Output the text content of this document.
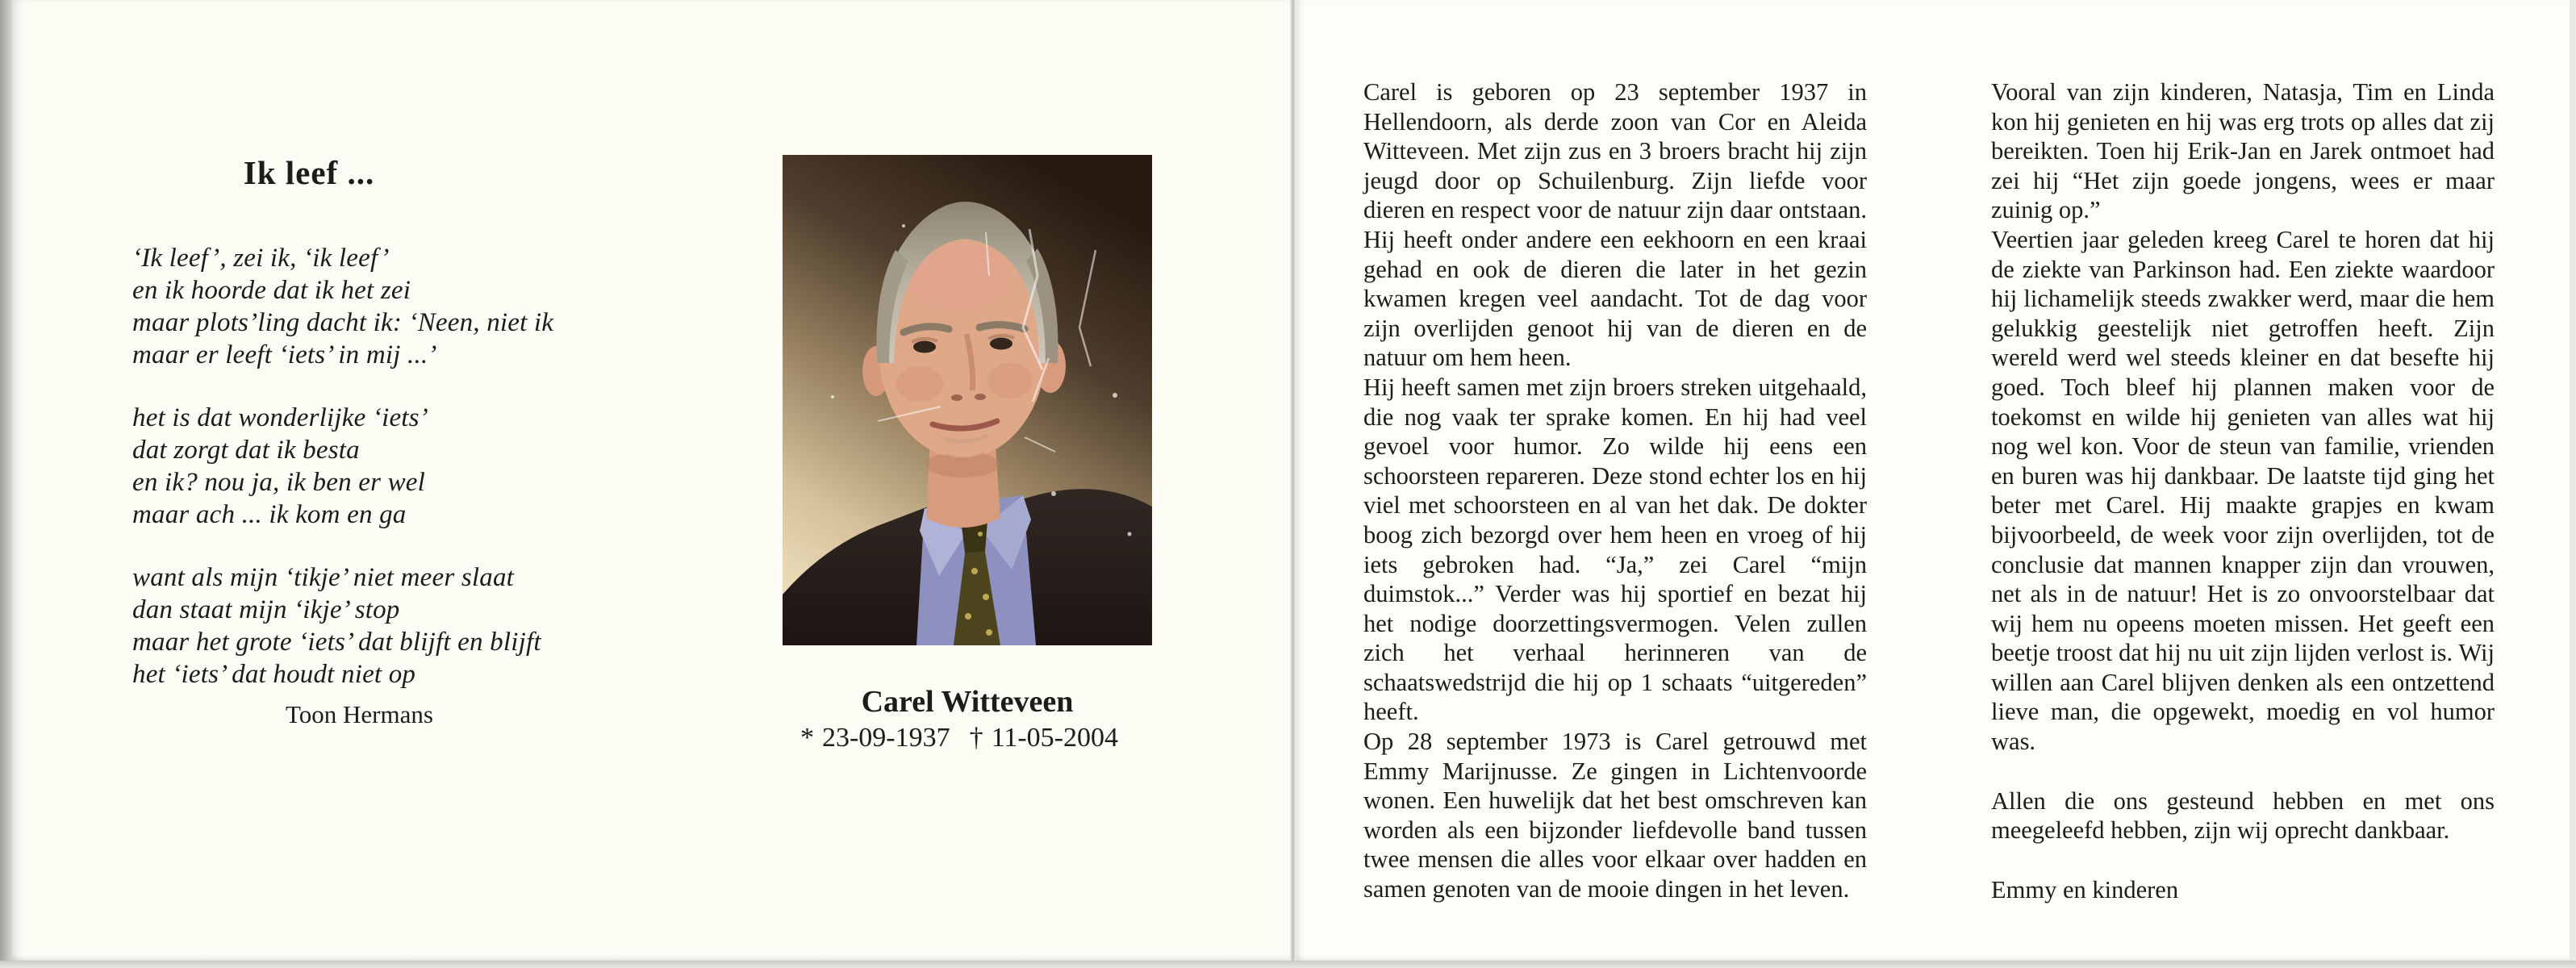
Ik leef ...
‘Ik leef’, zei ik, ‘ik leef’
en ik hoorde dat ik het zei
maar plots’ling dacht ik: ‘Neen, niet ik
maar er leeft ‘iets’ in mij ...’
het is dat wonderlijke ‘iets’
dat zorgt dat ik besta
en ik? nou ja, ik ben er wel
maar ach ... ik kom en ga
want als mijn ‘tikje’ niet meer slaat
dan staat mijn ‘ikje’ stop
maar het grote ‘iets’ dat blijft en blijft
het ‘iets’ dat houdt niet op
Toon Hermans	Carel Witteveen
* 23-09-1937 † 11-05-2004

Carel is geboren op 23 september 1937 in Hellendoorn, als derde zoon van Cor en Aleida Witteveen. Met zijn zus en 3 broers bracht hij zijn jeugd door op Schuilenburg. Zijn liefde voor dieren en respect voor de natuur zijn daar ontstaan. Hij heeft onder andere een eekhoorn en een kraai gehad en ook de dieren die later in het gezin kwamen kregen veel aandacht. Tot de dag voor zijn overlijden genoot hij van de dieren en de natuur om hem heen.

Hij heeft samen met zijn broers streken uitgehaald, die nog vaak ter sprake komen. En hij had veel gevoel voor humor. Zo wilde hij eens een schoorsteen repareren. Deze stond echter los en hij viel met schoorsteen en al van het dak. De dokter boog zich bezorgd over hem heen en vroeg of hij iets gebroken had. “Ja,” zei Carel “mijn duimstok...” Verder was hij sportief en bezat hij het nodige doorzettingsvermogen. Velen zullen zich het verhaal herinneren van de schaatswedstrijd die hij op 1 schaats “uitgereden” heeft.

Op 28 september 1973 is Carel getrouwd met Emmy Marijnusse. Ze gingen in Lichtenvoorde wonen. Een huwelijk dat het best omschreven kan worden als een bijzonder liefdevolle band tussen twee mensen die alles voor elkaar over hadden en samen genoten van de mooie dingen in het leven.

Vooral van zijn kinderen, Natasja, Tim en Linda kon hij genieten en hij was erg trots op alles dat zij bereikten. Toen hij Erik-Jan en Jarek ontmoet had zei hij “Het zijn goede jongens, wees er maar zuinig op.”

Veertien jaar geleden kreeg Carel te horen dat hij de ziekte van Parkinson had. Een ziekte waardoor hij lichamelijk steeds zwakker werd, maar die hem gelukkig geestelijk niet getroffen heeft. Zijn wereld werd wel steeds kleiner en dat besefte hij goed. Toch bleef hij plannen maken voor de toekomst en wilde hij genieten van alles wat hij nog wel kon. Voor de steun van familie, vrienden en buren was hij dankbaar. De laatste tijd ging het beter met Carel. Hij maakte grapjes en kwam bijvoorbeeld, de week voor zijn overlijden, tot de conclusie dat mannen knapper zijn dan vrouwen, net als in de natuur! Het is zo onvoorstelbaar dat wij hem nu opeens moeten missen. Het geeft een beetje troost dat hij nu uit zijn lijden verlost is. Wij willen aan Carel blijven denken als een ontzettend lieve man, die opgewekt, moedig en vol humor was.

Allen die ons gesteund hebben en met ons meegeleefd hebben, zijn wij oprecht dankbaar.

Emmy en kinderen
